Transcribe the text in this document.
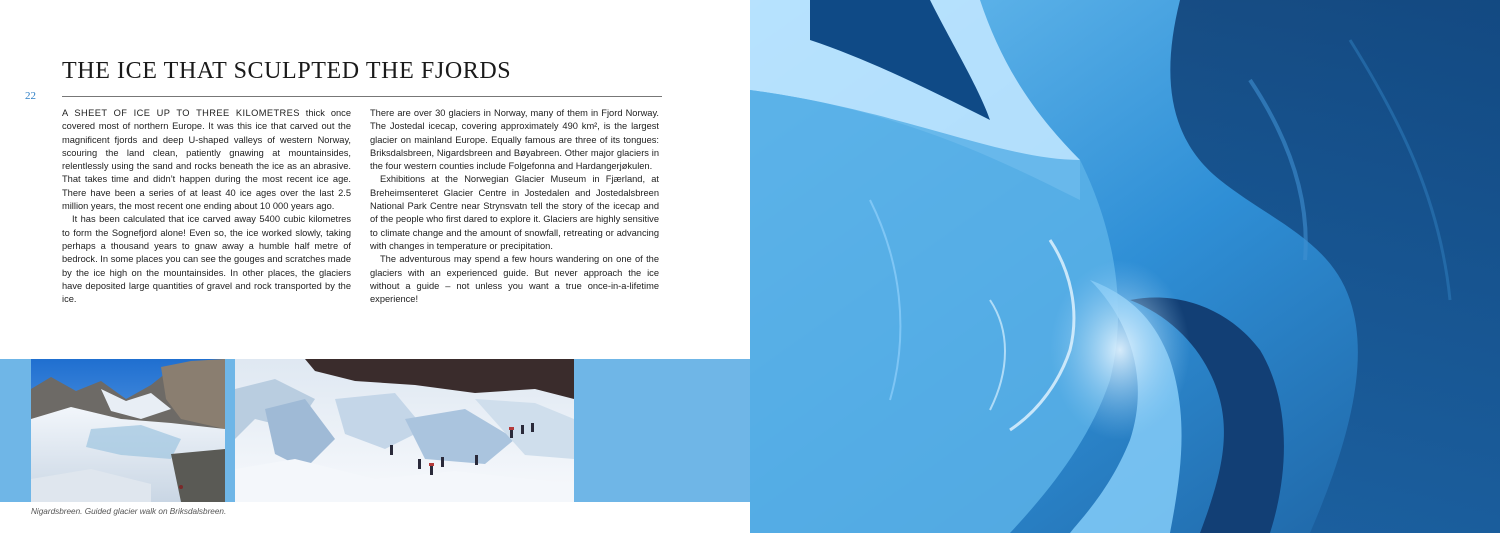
THE ICE THAT SCULPTED THE FJORDS
22

A SHEET OF ICE UP TO THREE KILOMETRES thick once covered most of northern Europe. It was this ice that carved out the magnificent fjords and deep U-shaped valleys of western Norway, scouring the land clean, patiently gnawing at mountainsides, relentlessly using the sand and rocks beneath the ice as an abrasive. That takes time and didn’t happen during the most recent ice age. There have been a series of at least 40 ice ages over the last 2.5 million years, the most recent one ending about 10 000 years ago.

It has been calculated that ice carved away 5400 cubic kilometres to form the Sognefjord alone! Even so, the ice worked slowly, taking perhaps a thousand years to gnaw away a humble half metre of bedrock. In some places you can see the gouges and scratches made by the ice high on the mountainsides. In other places, the glaciers have deposited large quantities of gravel and rock transported by the ice.

There are over 30 glaciers in Norway, many of them in Fjord Norway. The Jostedal icecap, covering approximately 490 km², is the largest glacier on mainland Europe. Equally famous are three of its tongues: Briksdalsbreen, Nigardsbreen and Bøyabreen. Other major glaciers in the four western counties include Folgefonna and Hardangerjøkulen.

Exhibitions at the Norwegian Glacier Museum in Fjærland, at Breheimsenteret Glacier Centre in Jostedalen and Jostedalsbreen National Park Centre near Strynsvatn tell the story of the icecap and of the people who first dared to explore it. Glaciers are highly sensitive to climate change and the amount of snowfall, retreating or advancing with changes in temperature or precipitation.

The adventurous may spend a few hours wandering on one of the glaciers with an experienced guide. But never approach the ice without a guide – not unless you want a true once-in-a-lifetime experience!

Nigardsbreen. Guided glacier walk on Briksdalsbreen.
